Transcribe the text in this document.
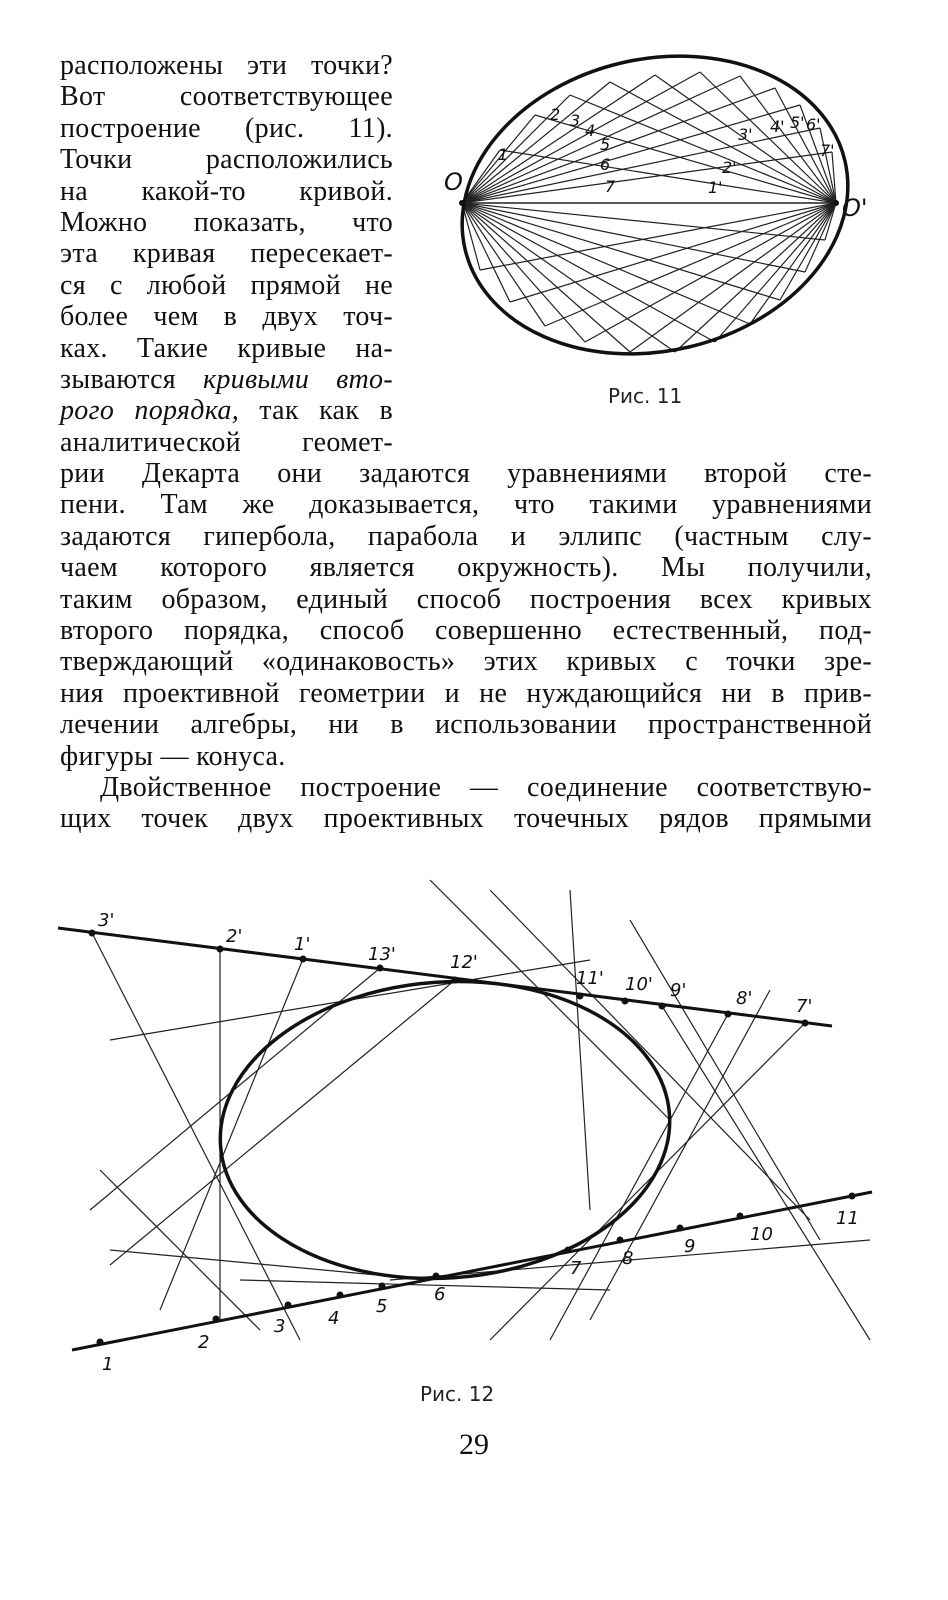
расположены эти точки?
Вот соответствующее
построение (рис. 11).
Точки расположились
на какой-то кривой.
Можно показать, что
эта кривая пересекает-
ся с любой прямой не
более чем в двух точ-
ках. Такие кривые на-
зываются кривыми вто-
рого порядка, так как в
аналитической геомет-
рии Декарта они задаются уравнениями второй сте-
пени. Там же доказывается, что такими уравнениями
задаются гипербола, парабола и эллипс (частным слу-
чаем которого является окружность). Мы получили,
таким образом, единый способ построения всех кривых
второго порядка, способ совершенно естественный, под-
тверждающий «одинаковость» этих кривых с точки зре-
ния проективной геометрии и не нуждающийся ни в прив-
лечении алгебры, ни в использовании пространственной
фигуры — конуса.
Двойственное построение — соединение соответствую-
щих точек двух проективных точечных рядов прямыми
O
O'
1
2 3
4
5
6
7	1'
2'
3' 4' 5' 6'
7'
Рис. 11
3'
2'	1'	13'	12'
11' 10' 9'	8' 7'
1
2
3 4
5
6
7 8
9
10
11
Рис. 12
29
